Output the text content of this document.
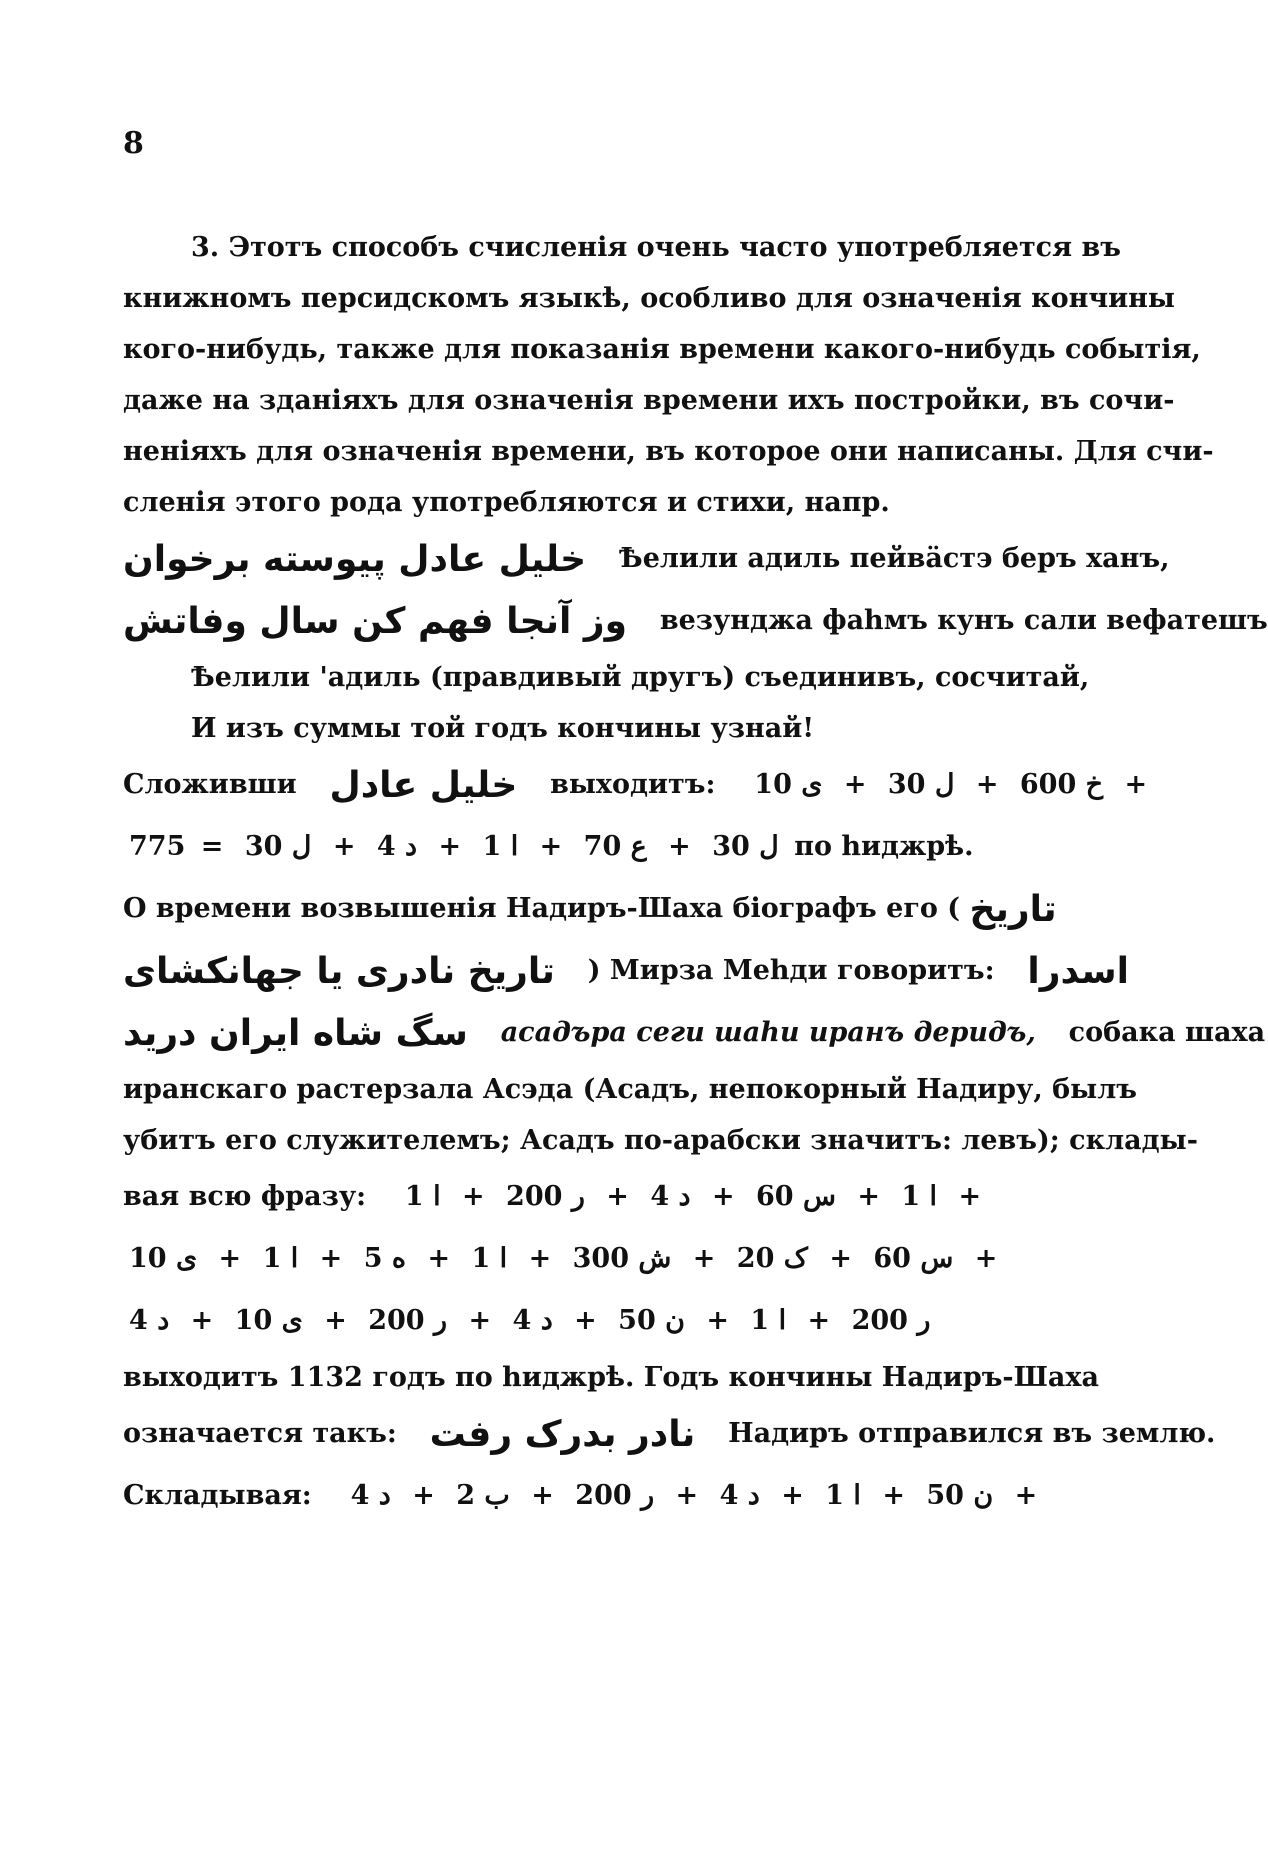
8
3. Этотъ способъ счисленія очень часто употребляется въ
книжномъ персидскомъ языкѣ, особливо для означенія кончины
кого-нибудь, также для показанія времени какого-нибудь событія,
даже на зданіяхъ для означенія времени ихъ постройки, въ сочи-
неніяхъ для означенія времени, въ которое они написаны. Для счи-
сленія этого рода употребляются и стихи, напр.
خلیل عادل پیوسته برخوان Ѣелили адиль пейвäстэ беръ ханъ,
وز آنجا فهم کن سال وفاتش везунджа фаhмъ кунъ сали вефатешъ
Ѣелили 'адиль (правдивый другъ) съединивъ, сосчитай,
И изъ суммы той годъ кончины узнай!
Сложивши خلیل عادل выходитъ:	خ 600 + ل 30 + ی 10	+
ل 30 + ع 70 + ا 1 + د 4 + ل 30 = 775 по hиджрѣ.
О времени возвышенія Надиръ-Шаха біографъ его ( تاریخ
تاریخ نادری یا جهانکشای ) Мирза Меhди говоритъ: اسدرا
سگ شاه ایران درید асадъра сеги шаhи иранъ деридъ, собака шаха
иранскаго растерзала Асэда (Асадъ, непокорный Надиру, былъ
убитъ его служителемъ; Асадъ по-арабски значитъ: левъ); склады-
вая всю фразу:	ا 1 + س 60 + د 4 + ر 200 + ا 1	+
س 60 + ک 20 + ش 300 + ا 1 + ه 5 + ا 1 + ی 10	+
ر 200 + ا 1 + ن 50 + د 4 + ر 200 + ی 10 + د 4
выходитъ 1132 годъ по hиджрѣ. Годъ кончины Надиръ-Шаха
означается такъ: نادر بدرک رفت Надиръ отправился въ землю.
Складывая:	ن 50 + ا 1 + د 4 + ر 200 + ب 2 + د 4	+
